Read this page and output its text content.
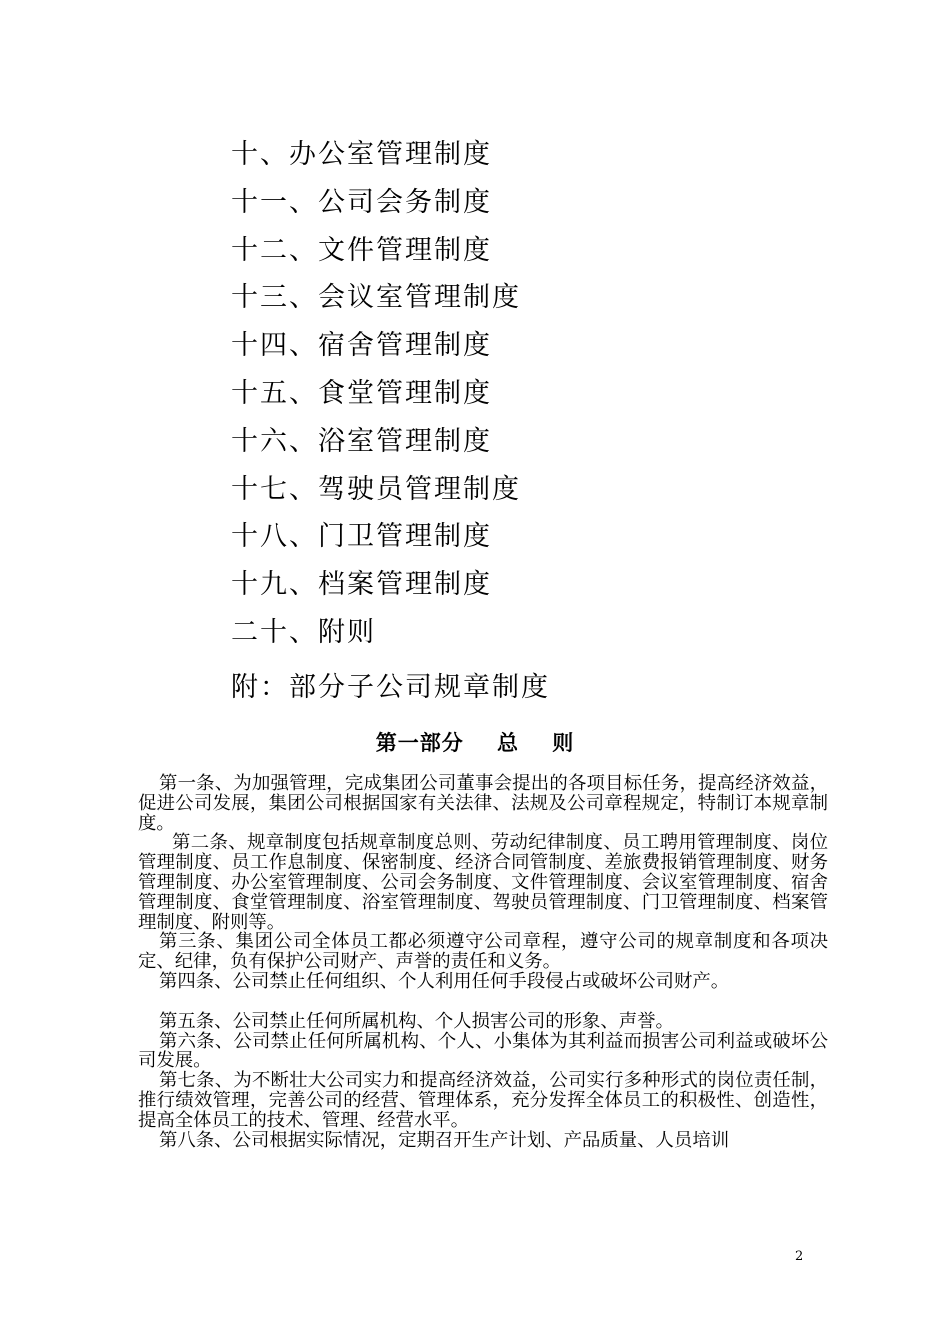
十、办公室管理制度
十一、公司会务制度
十二、文件管理制度
十三、会议室管理制度
十四、宿舍管理制度
十五、食堂管理制度
十六、浴室管理制度
十七、驾驶员管理制度
十八、门卫管理制度
十九、档案管理制度
二十、附则
附：部分子公司规章制度
第一部分    总    则

第一条、为加强管理，完成集团公司董事会提出的各项目标任务，提高经济效益，促进公司发展，集团公司根据国家有关法律、法规及公司章程规定，特制订本规章制度。

第二条、规章制度包括规章制度总则、劳动纪律制度、员工聘用管理制度、岗位管理制度、员工作息制度、保密制度、经济合同管制度、差旅费报销管理制度、财务管理制度、办公室管理制度、公司会务制度、文件管理制度、会议室管理制度、宿舍管理制度、食堂管理制度、浴室管理制度、驾驶员管理制度、门卫管理制度、档案管理制度、附则等。

第三条、集团公司全体员工都必须遵守公司章程，遵守公司的规章制度和各项决定、纪律，负有保护公司财产、声誉的责任和义务。

第四条、公司禁止任何组织、个人利用任何手段侵占或破坏公司财产。

第五条、公司禁止任何所属机构、个人损害公司的形象、声誉。

第六条、公司禁止任何所属机构、个人、小集体为其利益而损害公司利益或破坏公司发展。

第七条、为不断壮大公司实力和提高经济效益，公司实行多种形式的岗位责任制，推行绩效管理，完善公司的经营、管理体系，充分发挥全体员工的积极性、创造性，提高全体员工的技术、管理、经营水平。

第八条、公司根据实际情况，定期召开生产计划、产品质量、人员培训

2
